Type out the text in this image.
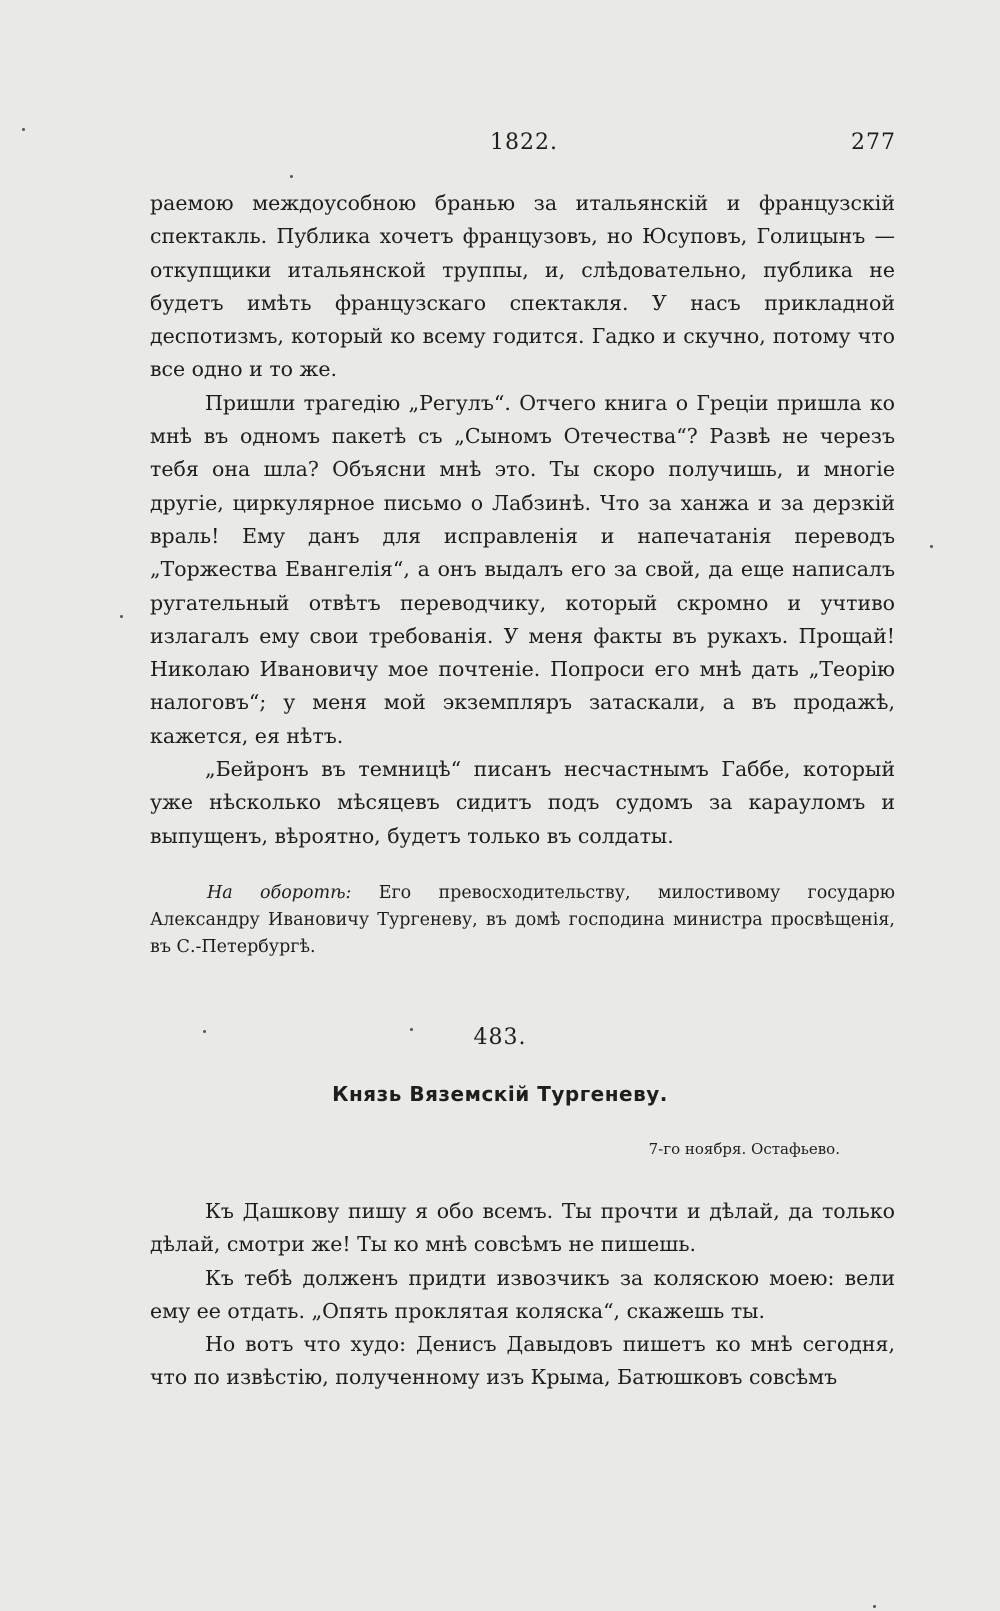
1822.	277

раемою междоусобною бранью за итальянскій и французскій спектакль. Публика хочетъ французовъ, но Юсуповъ, Голицынъ — откупщики итальянской труппы, и, слѣдовательно, публика не будетъ имѣть французскаго спектакля. У насъ прикладной деспотизмъ, который ко всему годится. Гадко и скучно, потому что все одно и то же.

Пришли трагедію „Регулъ“. Отчего книга о Греціи пришла ко мнѣ въ одномъ пакетѣ съ „Сыномъ Отечества“? Развѣ не черезъ тебя она шла? Объясни мнѣ это. Ты скоро получишь, и многіе другіе, циркулярное письмо о Лабзинѣ. Что за ханжа и за дерзкій враль! Ему данъ для исправленія и напечатанія переводъ „Торжества Евангелія“, а онъ выдалъ его за свой, да еще написалъ ругательный отвѣтъ переводчику, который скромно и учтиво излагалъ ему свои требованія. У меня факты въ рукахъ. Прощай! Николаю Ивановичу мое почтеніе. Попроси его мнѣ дать „Теорію налоговъ“; у меня мой экземпляръ затаскали, а въ продажѣ, кажется, ея нѣтъ.

„Бейронъ въ темницѣ“ писанъ несчастнымъ Габбе, который уже нѣсколько мѣсяцевъ сидитъ подъ судомъ за карауломъ и выпущенъ, вѣроятно, будетъ только въ солдаты.

На оборотѣ: Его превосходительству, милостивому государю Александру Ивановичу Тургеневу, въ домѣ господина министра просвѣщенія, въ С.-Петербургѣ.

483.
Князь Вяземскій Тургеневу.
7-го ноября. Остафьево.

Къ Дашкову пишу я обо всемъ. Ты прочти и дѣлай, да только дѣлай, смотри же! Ты ко мнѣ совсѣмъ не пишешь.

Къ тебѣ долженъ придти извозчикъ за коляскою моею: вели ему ее отдать. „Опять проклятая коляска“, скажешь ты.

Но вотъ что худо: Денисъ Давыдовъ пишетъ ко мнѣ сегодня, что по извѣстію, полученному изъ Крыма, Батюшковъ совсѣмъ
